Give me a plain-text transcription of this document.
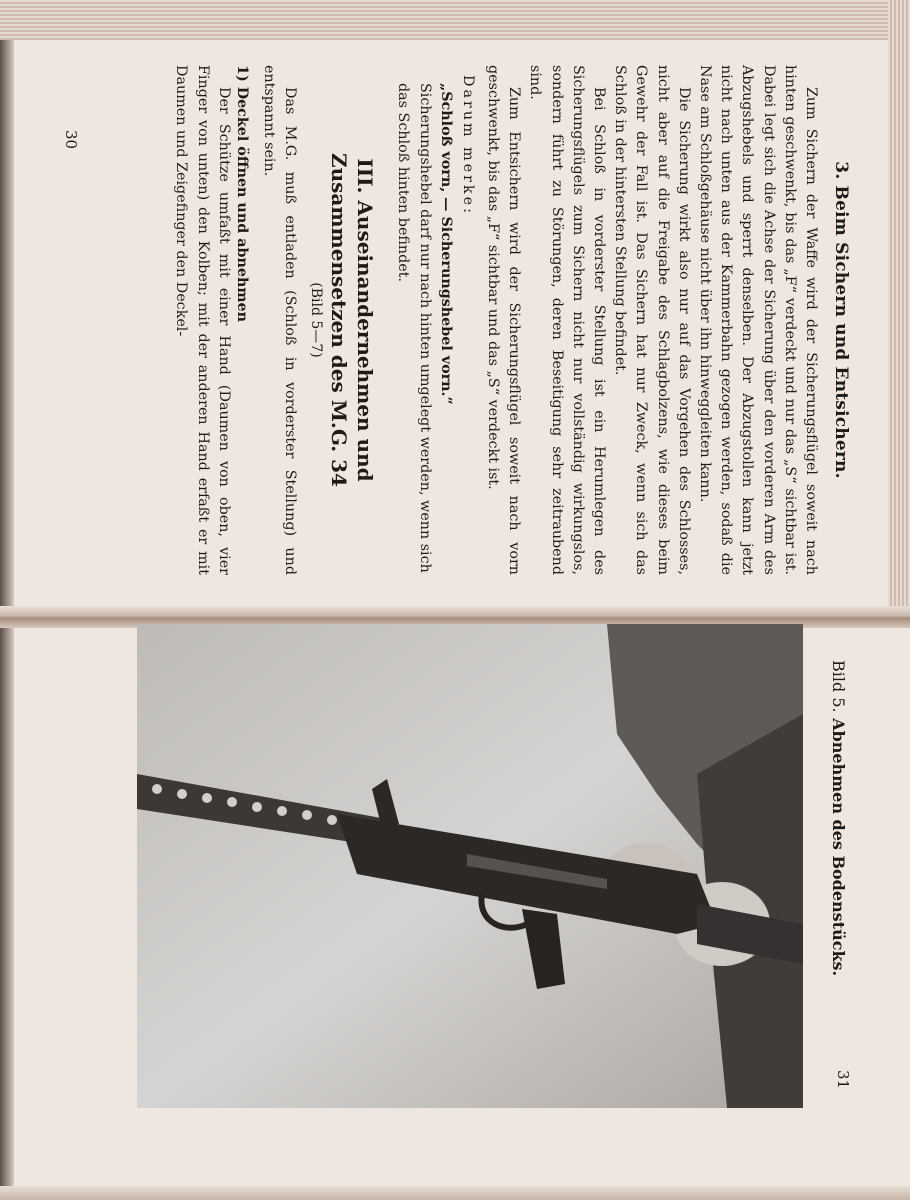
3. Beim Sichern und Entsichern.

Zum Sichern der Waffe wird der Sicherungsflügel soweit nach hinten geschwenkt, bis das „F“ verdeckt und nur das „S“ sichtbar ist. Dabei legt sich die Achse der Sicherung über den vorderen Arm des Abzugshebels und sperrt denselben. Der Abzugstollen kann jetzt nicht nach unten aus der Kammerbahn gezogen werden, sodaß die Nase am Schloßgehäuse nicht über ihn hinweggleiten kann.

Die Sicherung wirkt also nur auf das Vorgehen des Schlosses, nicht aber auf die Freigabe des Schlagbolzens, wie dieses beim Gewehr der Fall ist. Das Sichern hat nur Zweck, wenn sich das Schloß in der hintersten Stellung befindet.

Bei Schloß in vorderster Stellung ist ein Herumlegen des Sicherungsflügels zum Sichern nicht nur vollständig wirkungslos, sondern führt zu Störungen, deren Beseitigung sehr zeitraubend sind.

Zum Entsichern wird der Sicherungsflügel soweit nach vorn geschwenkt, bis das „F“ sichtbar und das „S“ verdeckt ist.

Darum merke:
„Schloß vorn, — Sicherungshebel vorn.“
Sicherungshebel darf nur nach hinten umgelegt werden, wenn sich das Schloß hinten befindet.
III. Auseinandernehmen und Zusammensetzen des M.G. 34
(Bild 5—7)

Das M.G. muß entladen (Schloß in vorderster Stellung) und entspannt sein.

1) Deckel öffnen und abnehmen

Der Schütze umfaßt mit einer Hand (Daumen von oben, vier Finger von unten) den Kolben; mit der anderen Hand erfaßt er mit Daumen und Zeigefinger den Deckel-

30
Bild 5. Abnehmen des Bodenstücks.
31
